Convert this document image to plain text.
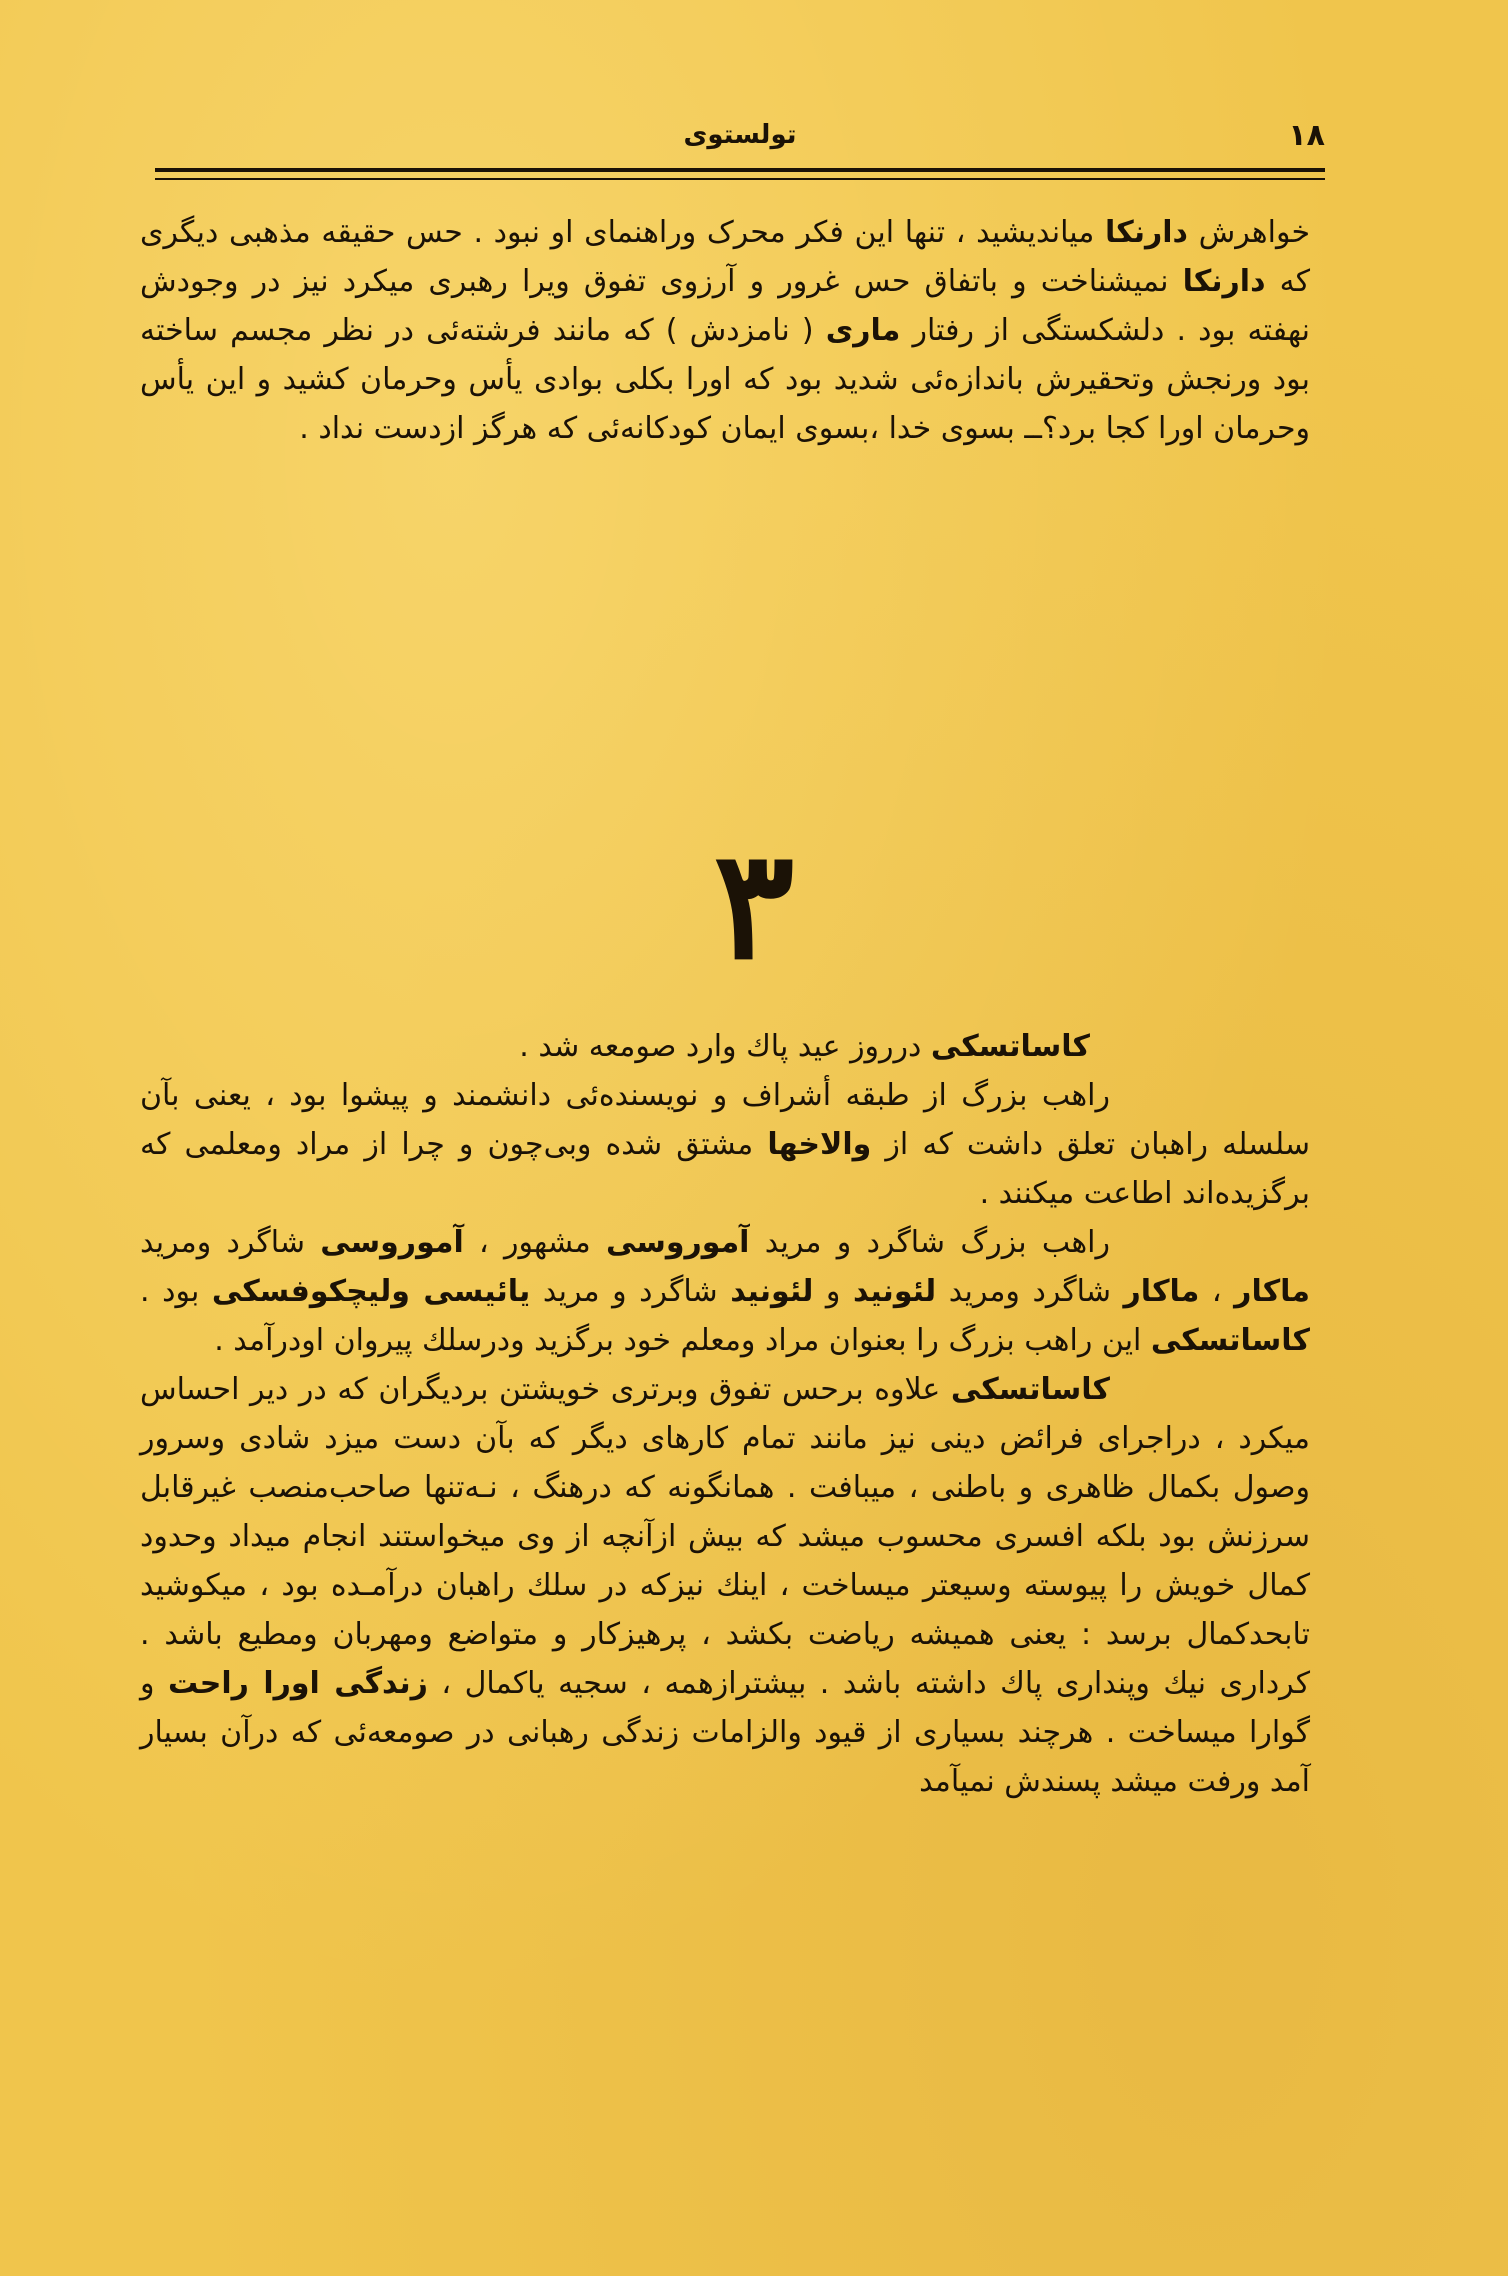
۱۸
تولستوی

خواهرش دارنکا میاندیشید ، تنها این فکر محرک وراهنمای او نبود . حس حقیقه مذهبی دیگری که دارنکا نمیشناخت و باتفاق حس غرور و آرزوی تفوق ویرا رهبری میکرد نیز در وجودش نهفته بود . دلشکستگی از رفتار ماری ( نامزدش ) که مانند فرشته‌ئی در نظر مجسم ساخته بود ورنجش وتحقیرش باندازه‌ئی شدید بود که اورا بکلی بوادی یأس وحرمان کشید و این یأس وحرمان اورا کجا برد؟ــ بسوی خدا ،بسوی ایمان کودکانه‌ئی که هرگز ازدست نداد .

۳

کاساتسکی درروز عید پاك وارد صومعه شد .

راهب بزرگ از طبقه أشراف و نویسنده‌ئی دانشمند و پیشوا بود ، یعنی بآن سلسله راهبان تعلق داشت که از والاخها مشتق شده وبی‌چون و چرا از مراد ومعلمی که برگزیده‌اند اطاعت میکنند .

راهب بزرگ شاگرد و مرید آموروسی مشهور ، آموروسی شاگرد ومرید ماکار ، ماکار شاگرد ومرید لئونید و لئونید شاگرد و مرید یائیسی ولیچکوفسکی بود . کاساتسکی این راهب بزرگ را بعنوان مراد ومعلم خود برگزید ودرسلك پیروان اودرآمد .

کاساتسکی علاوه برحس تفوق وبرتری خویشتن بردیگران که در دیر احساس میکرد ، دراجرای فرائض دینی نیز مانند تمام کارهای دیگر که بآن دست میزد شادی وسرور وصول بکمال ظاهری و باطنی ، میبافت . همانگونه که درهنگ ، نـه‌تنها صاحب‌منصب غیرقابل سرزنش بود بلکه افسری محسوب میشد که بیش ازآنچه از وی میخواستند انجام میداد وحدود کمال خویش را پیوسته وسیعتر میساخت ، اینك نیزکه در سلك راهبان درآمـده بود ، میکوشید تابحدکمال برسد : یعنی همیشه ریاضت بکشد ، پرهیزکار و متواضع ومهربان ومطیع باشد . کرداری نیك وپنداری پاك داشته باشد . بیشترازهمه ، سجیه یاکمال ، زندگی اورا راحت و گوارا میساخت . هرچند بسیاری از قیود والزامات زندگی رهبانی در صومعه‌ئی که درآن بسیار آمد ورفت میشد پسندش نمیآمد
